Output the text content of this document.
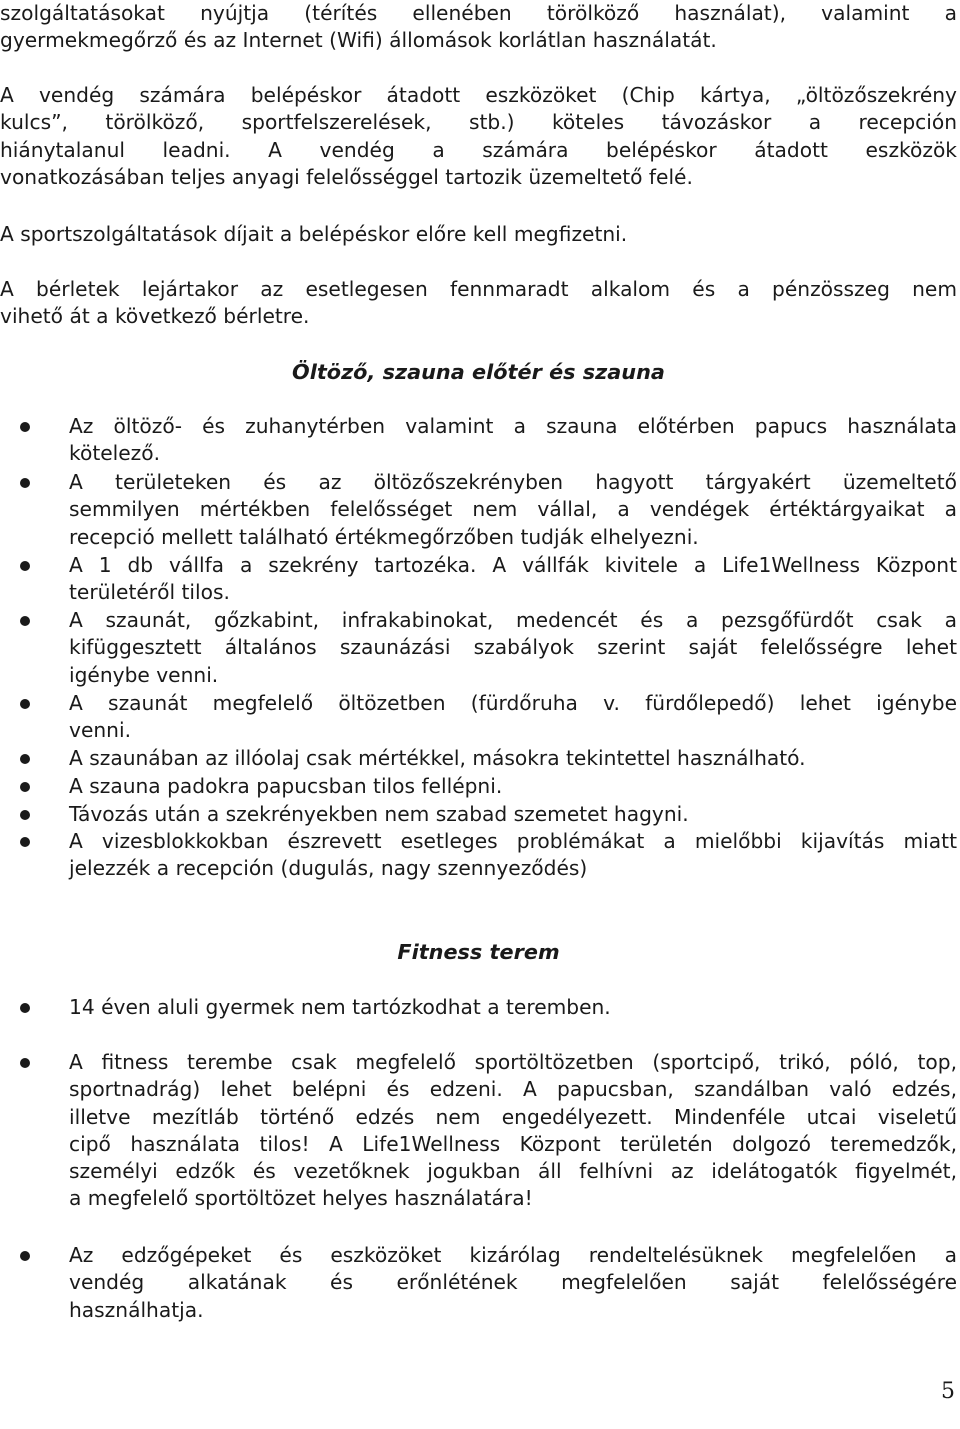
szolgáltatásokat nyújtja (térítés ellenében törölköző használat), valamint a
gyermekmegőrző és az Internet (Wifi) állomások korlátlan használatát.
A vendég számára belépéskor átadott eszközöket (Chip kártya, „öltözőszekrény
kulcs”, törölköző, sportfelszerelések, stb.) köteles távozáskor a recepción
hiánytalanul leadni. A vendég a számára belépéskor átadott eszközök
vonatkozásában teljes anyagi felelősséggel tartozik üzemeltető felé.
A sportszolgáltatások díjait a belépéskor előre kell megfizetni.
A bérletek lejártakor az esetlegesen fennmaradt alkalom és a pénzösszeg nem
vihető át a következő bérletre.
Öltöző, szauna előtér és szauna
Az öltöző- és zuhanytérben valamint a szauna előtérben papucs használata
kötelező.
A területeken és az öltözőszekrényben hagyott tárgyakért üzemeltető
semmilyen mértékben felelősséget nem vállal, a vendégek értéktárgyaikat a
recepció mellett található értékmegőrzőben tudják elhelyezni.
A 1 db vállfa a szekrény tartozéka. A vállfák kivitele a Life1Wellness Központ
területéről tilos.
A szaunát, gőzkabint, infrakabinokat, medencét és a pezsgőfürdőt csak a
kifüggesztett általános szaunázási szabályok szerint saját felelősségre lehet
igénybe venni.
A szaunát megfelelő öltözetben (fürdőruha v. fürdőlepedő) lehet igénybe
venni.
A szaunában az illóolaj csak mértékkel, másokra tekintettel használható.
A szauna padokra papucsban tilos fellépni.
Távozás után a szekrényekben nem szabad szemetet hagyni.
A vizesblokkokban észrevett esetleges problémákat a mielőbbi kijavítás miatt
jelezzék a recepción (dugulás, nagy szennyeződés)
Fitness terem
14 éven aluli gyermek nem tartózkodhat a teremben.
A fitness terembe csak megfelelő sportöltözetben (sportcipő, trikó, póló, top,
sportnadrág) lehet belépni és edzeni. A papucsban, szandálban való edzés,
illetve mezítláb történő edzés nem engedélyezett. Mindenféle utcai viseletű
cipő használata tilos! A Life1Wellness Központ területén dolgozó teremedzők,
személyi edzők és vezetőknek jogukban áll felhívni az idelátogatók figyelmét,
a megfelelő sportöltözet helyes használatára!
Az edzőgépeket és eszközöket kizárólag rendeltelésüknek megfelelően a
vendég alkatának és erőnlétének megfelelően saját felelősségére
használhatja.
5
